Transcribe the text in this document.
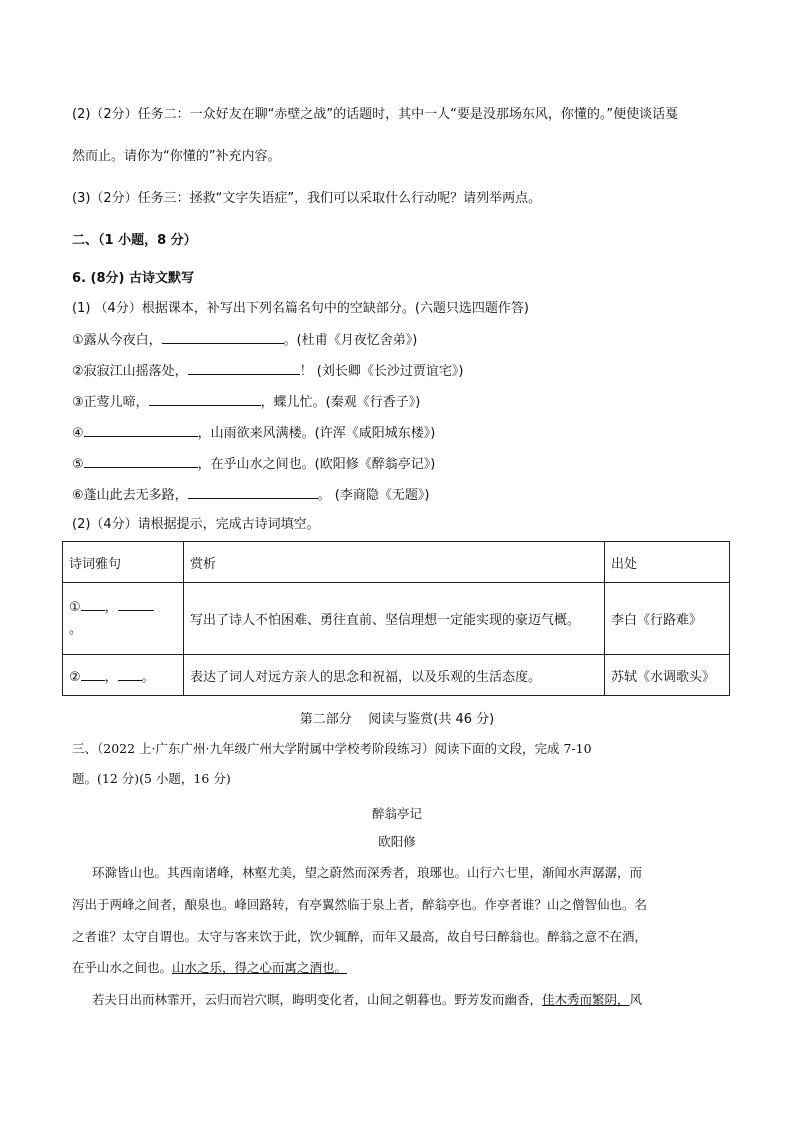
(2)（2分）任务二：一众好友在聊“赤壁之战”的话题时，其中一人“要是没那场东风，你懂的。”便使谈话戛
然而止。请你为“你懂的”补充内容。
(3)（2分）任务三：拯救“文字失语症”，我们可以采取什么行动呢？请列举两点。
二、（1 小题，8 分）
6. (8分) 古诗文默写
(1) （4分）根据课本，补写出下列名篇名句中的空缺部分。(六题只选四题作答)
①露从今夜白，	。(杜甫《月夜忆舍弟》)
②寂寂江山摇落处，	！ (刘长卿《长沙过贾谊宅》)
③正莺儿啼，	，蝶儿忙。(秦观《行香子》)
④	，山雨欲来风满楼。(许浑《咸阳城东楼》)
⑤	，在乎山水之间也。(欧阳修《醉翁亭记》)
⑥蓬山此去无多路，	。 (李商隐《无题》)
(2)（4分）请根据提示，完成古诗词填空。
诗词雅句	赏析	出处
① ，
。	写出了诗人不怕困难、勇往直前、坚信理想一定能实现的豪迈气概。	李白《行路难》
② ， 。	表达了词人对远方亲人的思念和祝福，以及乐观的生活态度。	苏轼《水调歌头》
第二部分    阅读与鉴赏(共 46 分)
三、（2022 上·广东广州·九年级广州大学附属中学校考阶段练习）阅读下面的文段，完成 7-10
题。(12 分)(5 小题，16 分)
醉翁亭记
欧阳修
环滁皆山也。其西南诸峰，林壑尤美，望之蔚然而深秀者，琅琊也。山行六七里，渐闻水声潺潺，而
泻出于两峰之间者，酿泉也。峰回路转，有亭翼然临于泉上者，醉翁亭也。作亭者谁？山之僧智仙也。名
之者谁？太守自谓也。太守与客来饮于此，饮少辄醉，而年又最高，故自号曰醉翁也。醉翁之意不在酒，
在乎山水之间也。山水之乐，得之心而寓之酒也。
若夫日出而林霏开，云归而岩穴暝，晦明变化者，山间之朝暮也。野芳发而幽香，佳木秀而繁阴，风
